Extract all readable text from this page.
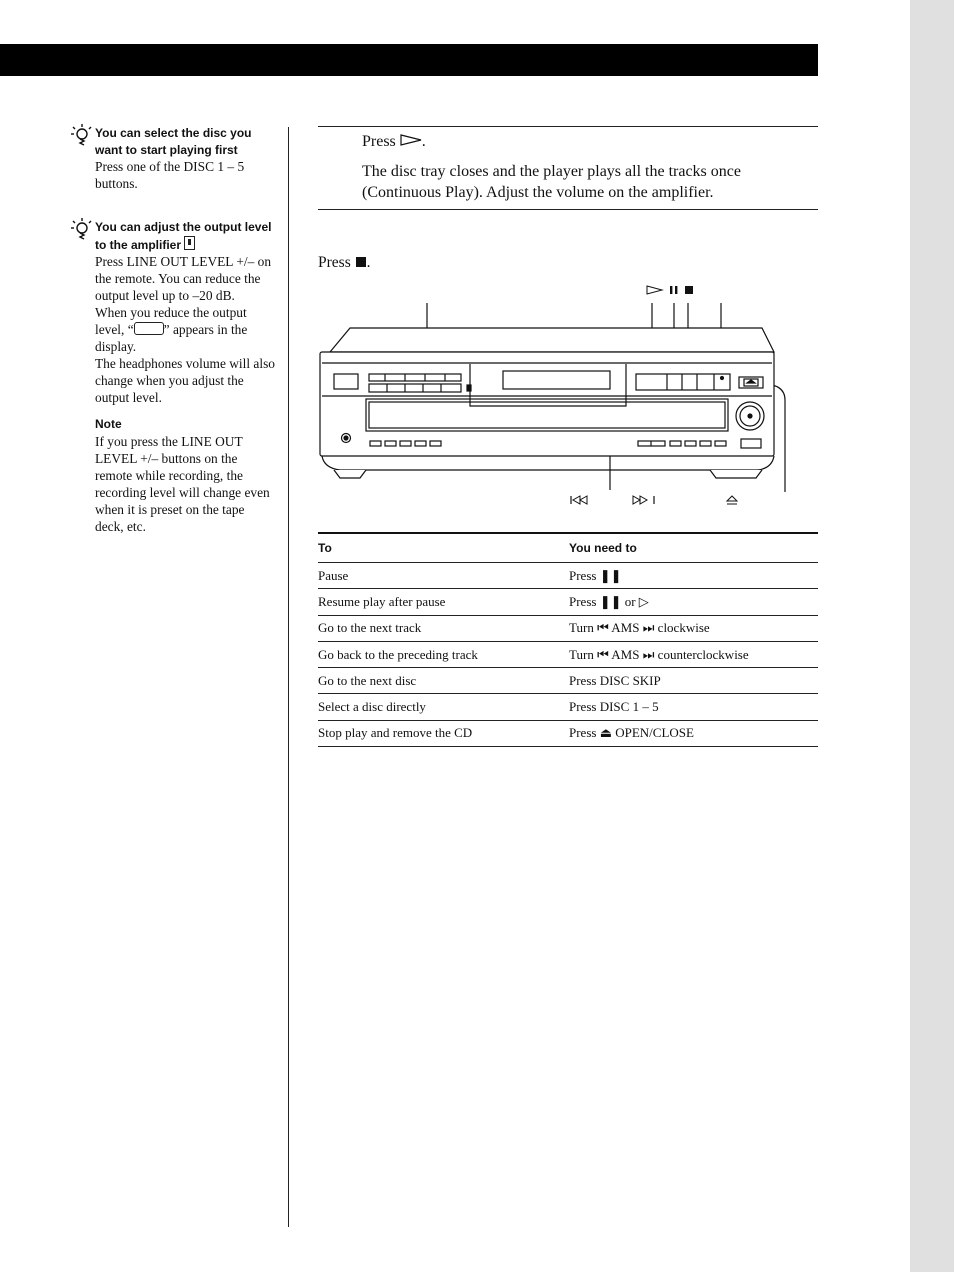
You can select the disc you want to start playing first
Press one of the DISC 1 – 5 buttons.
You can adjust the output level to the amplifier
Press LINE OUT LEVEL +/– on the remote. You can reduce the output level up to –20 dB.
When you reduce the output level, “ ” appears in the display.
The headphones volume will also change when you adjust the output level.
Note
If you press the LINE OUT LEVEL +/– buttons on the remote while recording, the recording level will change even when it is preset on the tape deck, etc.
Press .
The disc tray closes and the player plays all the tracks once (Continuous Play). Adjust the volume on the amplifier.
Press .
To	You need to
Pause	Press ❚❚
Resume play after pause	Press ❚❚ or ▷
Go to the next track	Turn ⏮ AMS ⏭ clockwise
Go back to the preceding track	Turn ⏮ AMS ⏭ counterclockwise
Go to the next disc	Press DISC SKIP
Select a disc directly	Press DISC 1 – 5
Stop play and remove the CD	Press ⏏ OPEN/CLOSE
